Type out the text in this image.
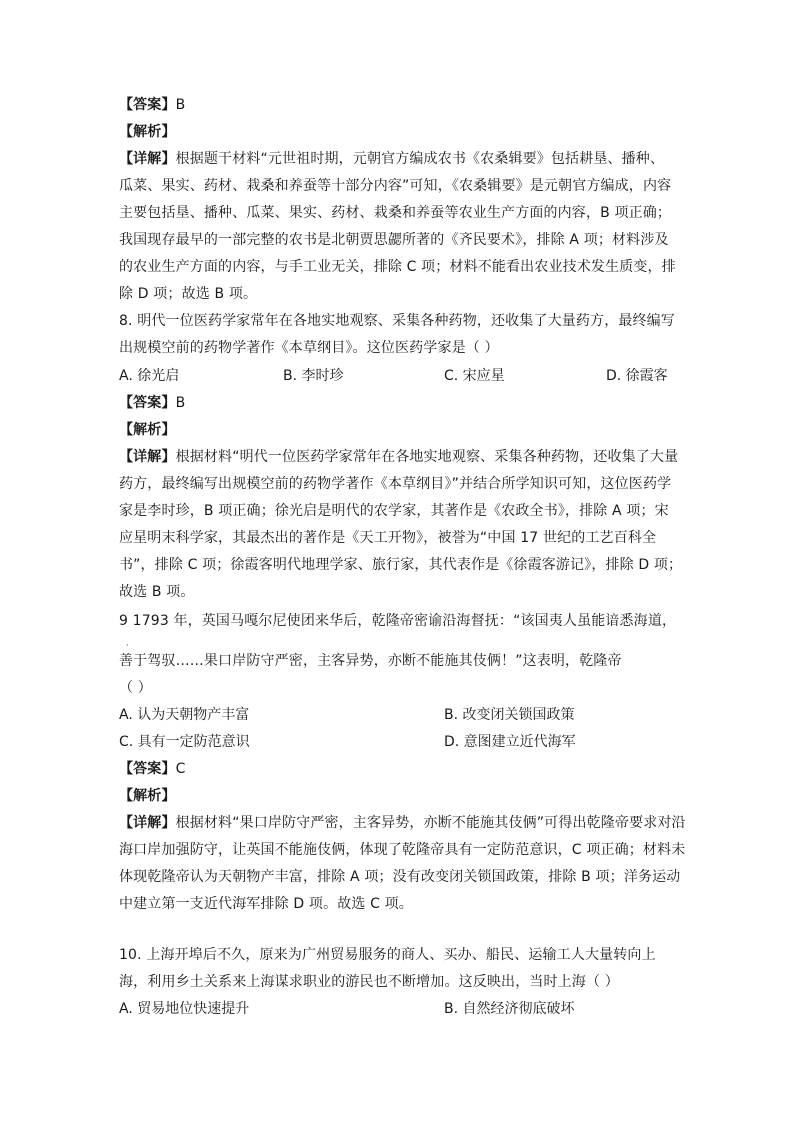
【答案】B
【解析】
【详解】根据题干材料“元世祖时期，元朝官方编成农书《农桑辑要》包括耕垦、播种、
瓜菜、果实、药材、栽桑和养蚕等十部分内容”可知，《农桑辑要》是元朝官方编成，内容
主要包括垦、播种、瓜菜、果实、药材、栽桑和养蚕等农业生产方面的内容，B 项正确；
我国现存最早的一部完整的农书是北朝贾思勰所著的《齐民要术》，排除 A 项；材料涉及
的农业生产方面的内容，与手工业无关，排除 C 项；材料不能看出农业技术发生质变，排
除 D 项；故选 B 项。
8. 明代一位医药学家常年在各地实地观察、采集各种药物，还收集了大量药方，最终编写
出规模空前的药物学著作《本草纲目》。这位医药学家是（ ）
A. 徐光启	B. 李时珍	C. 宋应星	D. 徐霞客
【答案】B
【解析】
【详解】根据材料“明代一位医药学家常年在各地实地观察、采集各种药物，还收集了大量
药方，最终编写出规模空前的药物学著作《本草纲目》”并结合所学知识可知，这位医药学
家是李时珍，B 项正确；徐光启是明代的农学家，其著作是《农政全书》，排除 A 项；宋
应星明末科学家，其最杰出的著作是《天工开物》，被誉为“中国 17 世纪的工艺百科全
书”，排除 C 项；徐霞客明代地理学家、旅行家，其代表作是《徐霞客游记》，排除 D 项；
故选 B 项。
9 1793 年，英国马嘎尔尼使团来华后，乾隆帝密谕沿海督抚：“该国夷人虽能谙悉海道，
·
善于驾驭……果口岸防守严密，主客异势，亦断不能施其伎俩！”这表明，乾隆帝
（ ）
A. 认为天朝物产丰富	B. 改变闭关锁国政策
C. 具有一定防范意识	D. 意图建立近代海军
【答案】C
【解析】
【详解】根据材料“果口岸防守严密，主客异势，亦断不能施其伎俩”可得出乾隆帝要求对沿
海口岸加强防守，让英国不能施伎俩，体现了乾隆帝具有一定防范意识，C 项正确；材料未
体现乾隆帝认为天朝物产丰富，排除 A 项；没有改变闭关锁国政策，排除 B 项；洋务运动
中建立第一支近代海军排除 D 项。故选 C 项。
10. 上海开埠后不久，原来为广州贸易服务的商人、买办、船民、运输工人大量转向上
海，利用乡土关系来上海谋求职业的游民也不断增加。这反映出，当时上海（ ）
A. 贸易地位快速提升	B. 自然经济彻底破坏
